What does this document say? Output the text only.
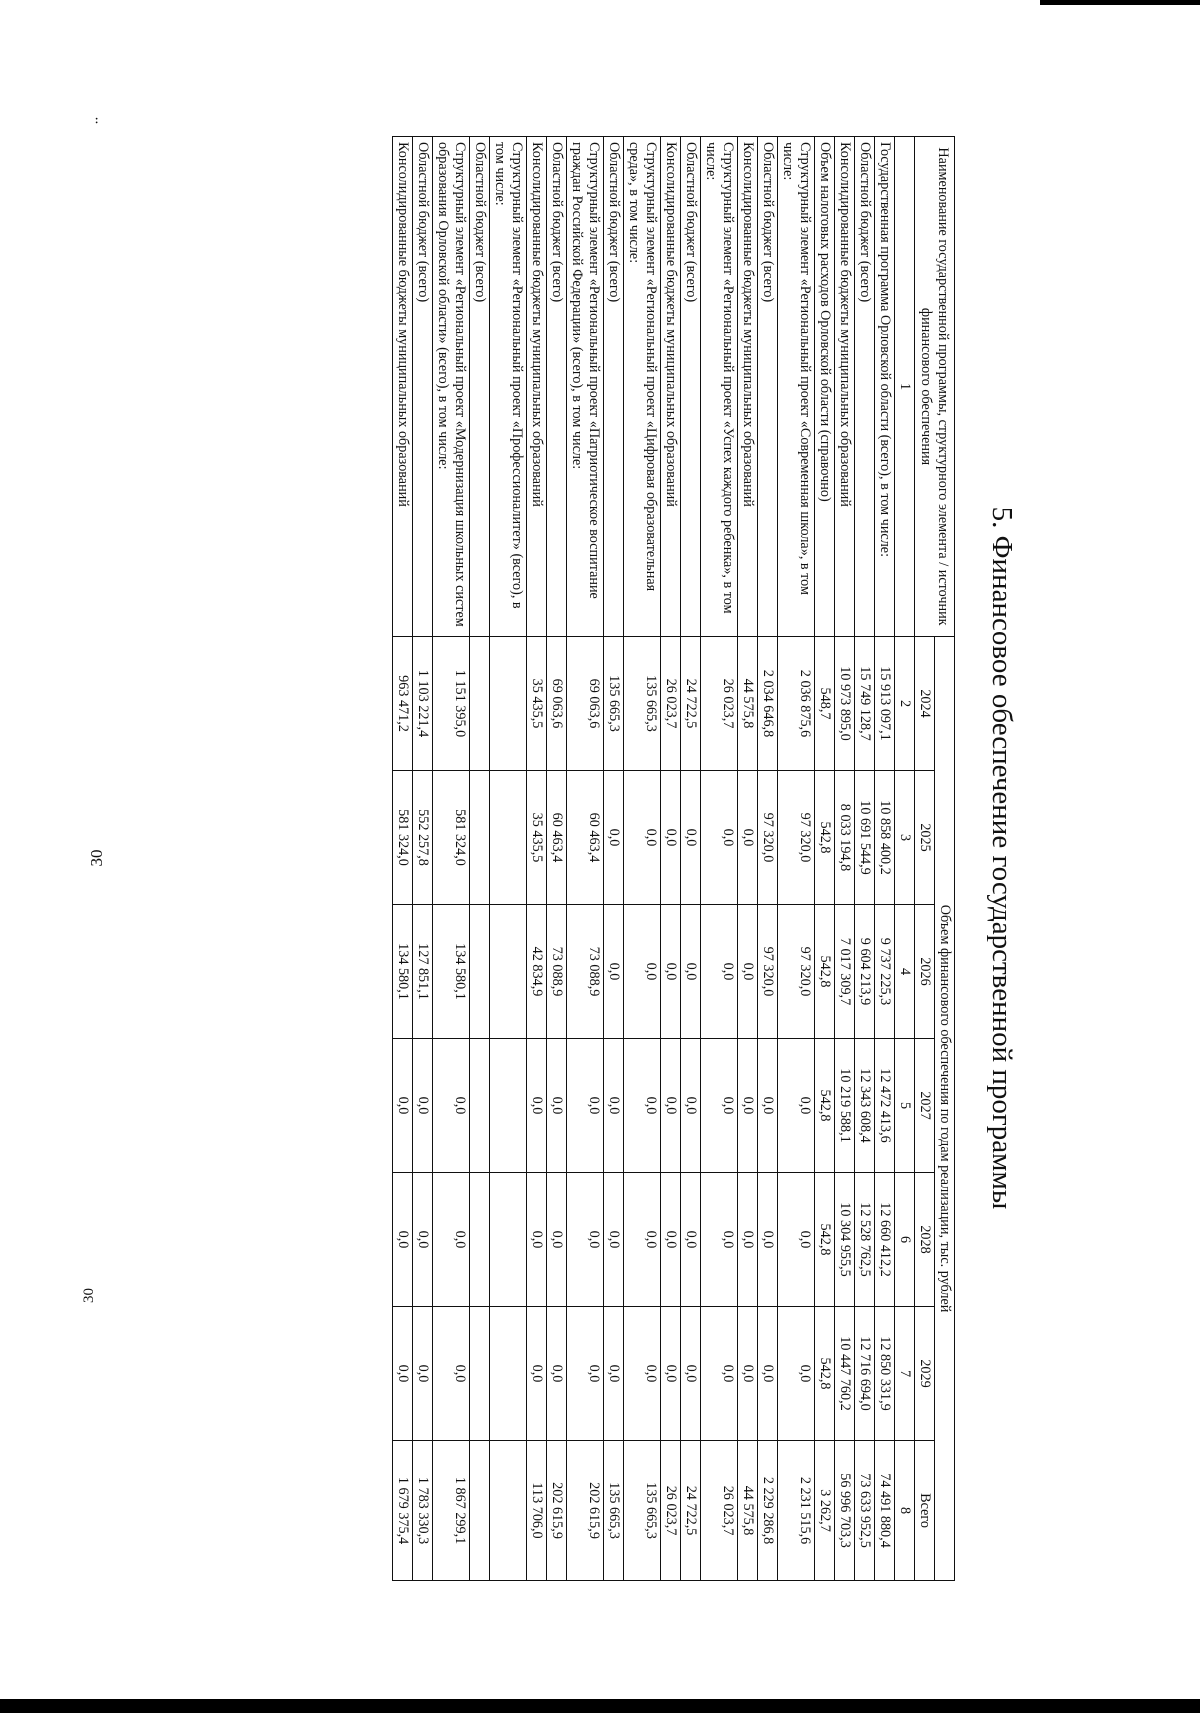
30
..
30
5. Финансовое обеспечение государственной программы
Наименование государственной программы, структурного элемента / источник финансового обеспечения	Объем финансового обеспечения по годам реализации, тыс. рублей						
	2024	2025	2026	2027	2028	2029	Всего
1	2	3	4	5	6	7	8
Государственная программа Орловской области (всего), в том числе:	15 913 097,1	10 858 400,2	9 737 225,3	12 472 413,6	12 660 412,2	12 850 331,9	74 491 880,4
Областной бюджет (всего)	15 749 128,7	10 691 544,9	9 604 213,9	12 343 608,4	12 528 762,5	12 716 694,0	73 633 952,5
Консолидированные бюджеты муниципальных образований	10 973 895,0	8 033 194,8	7 017 309,7	10 219 588,1	10 304 955,5	10 447 760,2	56 996 703,3
Объем налоговых расходов Орловской области (справочно)	548,7	542,8	542,8	542,8	542,8	542,8	3 262,7
Структурный элемент «Региональный проект «Современная школа», в том числе:	2 036 875,6	97 320,0	97 320,0	0,0	0,0	0,0	2 231 515,6
Областной бюджет (всего)	2 034 646,8	97 320,0	97 320,0	0,0	0,0	0,0	2 229 286,8
Консолидированные бюджеты муниципальных образований	44 575,8	0,0	0,0	0,0	0,0	0,0	44 575,8
Структурный элемент «Региональный проект «Успех каждого ребенка», в том числе:	26 023,7	0,0	0,0	0,0	0,0	0,0	26 023,7
Областной бюджет (всего)	24 722,5	0,0	0,0	0,0	0,0	0,0	24 722,5
Консолидированные бюджеты муниципальных образований	26 023,7	0,0	0,0	0,0	0,0	0,0	26 023,7
Структурный элемент «Региональный проект «Цифровая образовательная среда», в том числе:	135 665,3	0,0	0,0	0,0	0,0	0,0	135 665,3
Областной бюджет (всего)	135 665,3	0,0	0,0	0,0	0,0	0,0	135 665,3
Структурный элемент «Региональный проект «Патриотическое воспитание граждан Российской Федерации» (всего), в том числе:	69 063,6	60 463,4	73 088,9	0,0	0,0	0,0	202 615,9
Областной бюджет (всего)	69 063,6	60 463,4	73 088,9	0,0	0,0	0,0	202 615,9
Консолидированные бюджеты муниципальных образований	35 435,5	35 435,5	42 834,9	0,0	0,0	0,0	113 706,0
Структурный элемент «Региональный проект «Профессионалитет» (всего), в том числе:							
Областной бюджет (всего)							
Структурный элемент «Региональный проект «Модернизация школьных систем образования Орловской области» (всего), в том числе:	1 151 395,0	581 324,0	134 580,1	0,0	0,0	0,0	1 867 299,1
Областной бюджет (всего)	1 103 221,4	552 257,8	127 851,1	0,0	0,0	0,0	1 783 330,3
Консолидированные бюджеты муниципальных образований	963 471,2	581 324,0	134 580,1	0,0	0,0	0,0	1 679 375,4
